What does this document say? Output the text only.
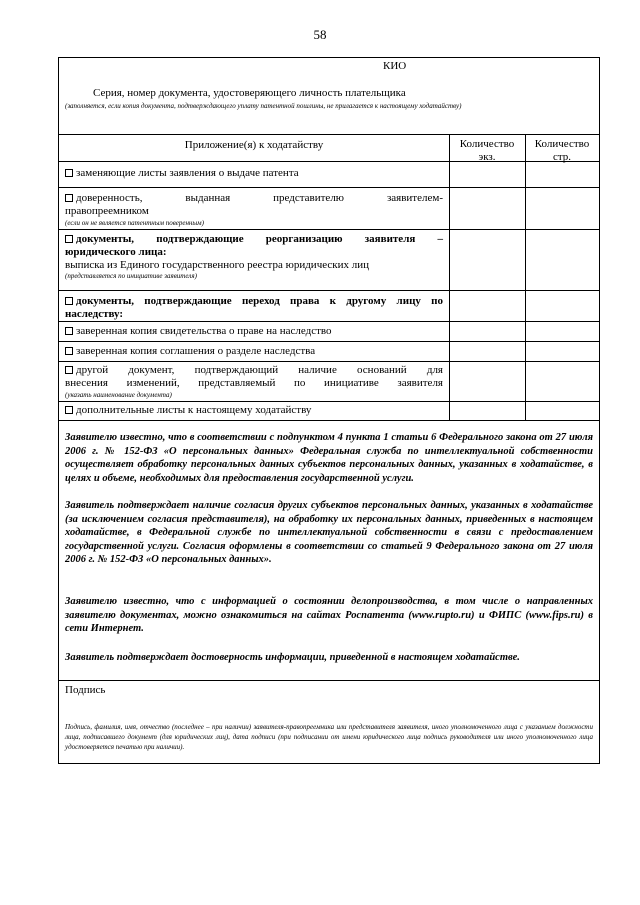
58
КИО
Серия, номер документа, удостоверяющего личность плательщика
(заполняется, если копия документа, подтверждающего уплату патентной пошлины, не прилагается к настоящему ходатайству)
Приложение(я) к ходатайству	Количество экз.
Количество стр.
заменяющие листы заявления о выдаче патента
доверенность, выданная представителю заявителем-
правопреемником
(если он не является патентным поверенным)
документы, подтверждающие реорганизацию заявителя –
юридического лица:
выписка из Единого государственного реестра юридических лиц
(представляется по инициативе заявителя)
документы, подтверждающие переход права к другому лицу по
наследству:
заверенная копия свидетельства о праве на наследство
заверенная копия соглашения о разделе наследства
другой документ, подтверждающий наличие оснований для
внесения изменений, представляемый по инициативе заявителя
(указать наименование документа)
дополнительные листы к настоящему ходатайству
Заявителю известно, что в соответствии с подпунктом 4 пункта 1 статьи 6 Федерального закона от 27 июля 2006 г. № 152-ФЗ «О персональных данных» Федеральная служба по интеллектуальной собственности осуществляет обработку персональных данных субъектов персональных данных, указанных в ходатайстве, в целях и объеме, необходимых для предоставления государственной услуги.
Заявитель подтверждает наличие согласия других субъектов персональных данных, указанных в ходатайстве (за исключением согласия представителя), на обработку их персональных данных, приведенных в настоящем ходатайстве, в Федеральной службе по интеллектуальной собственности в связи с предоставлением государственной услуги. Согласия оформлены в соответствии со статьей 9 Федерального закона от 27 июля 2006 г. № 152-ФЗ «О персональных данных».
Заявителю известно, что с информацией о состоянии делопроизводства, в том числе о направленных заявителю документах, можно ознакомиться на сайтах Роспатента (www.rupto.ru) и ФИПС (www.fips.ru) в сети Интернет.
Заявитель подтверждает достоверность информации, приведенной в настоящем ходатайстве.
Подпись
Подпись, фамилия, имя, отчество (последнее – при наличии) заявителя-правопреемника или представителя заявителя, иного уполномоченного лица с указанием должности лица, подписавшего документ (для юридических лиц), дата подписи (при подписании от имени юридического лица подпись руководителя или иного уполномоченного лица удостоверяется печатью при наличии).
